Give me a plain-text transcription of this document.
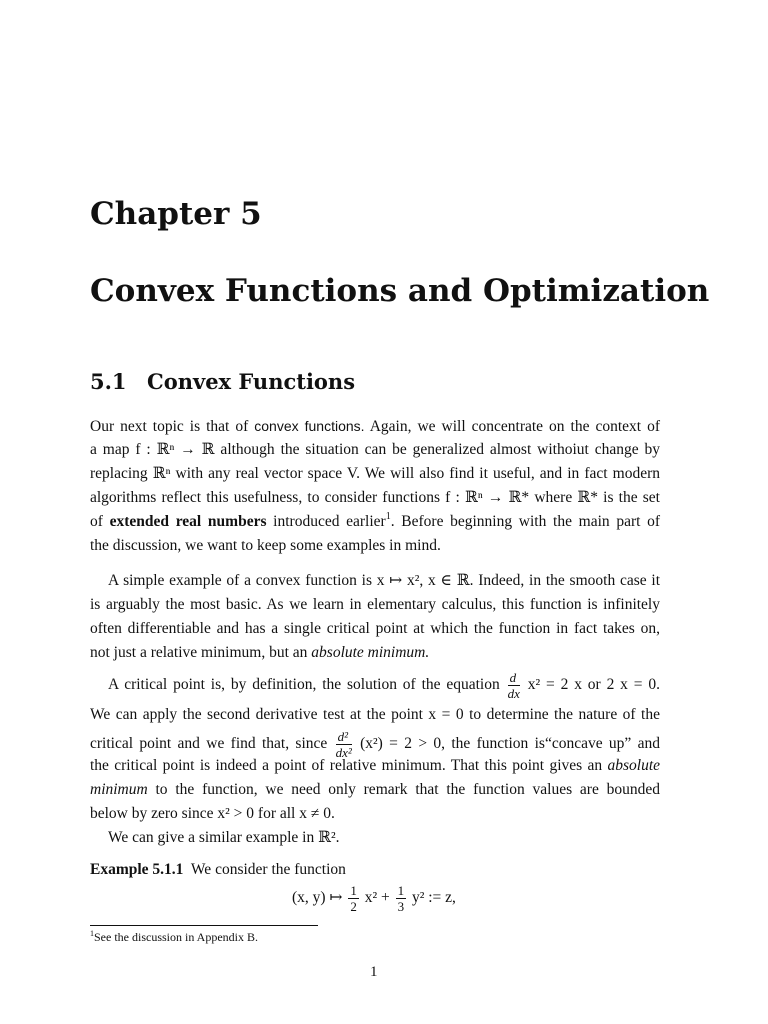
Chapter 5
Convex Functions and Optimization
5.1 Convex Functions
Our next topic is that of convex functions. Again, we will concentrate on the context of
a map f : ℝⁿ → ℝ although the situation can be generalized almost withoiut change by
replacing ℝⁿ with any real vector space V. We will also find it useful, and in fact modern
algorithms reflect this usefulness, to consider functions f : ℝⁿ → ℝ* where ℝ* is the set
of extended real numbers introduced earlier$^1$. Before beginning with the main part of
the discussion, we want to keep some examples in mind.
A simple example of a convex function is x ↦ x², x ∈ ℝ. Indeed, in the smooth case it
is arguably the most basic. As we learn in elementary calculus, this function is infinitely
often differentiable and has a single critical point at which the function in fact takes on,
not just a relative minimum, but an absolute minimum.
A critical point is, by definition, the solution of the equation $\frac{d}{dx} x^2 = 2$ x or 2 x = 0.
We can apply the second derivative test at the point x = 0 to determine the nature of the
critical point and we find that, since $\frac{\text{d²}}{\text{dx²}} (x^2) = 2 > 0$, the function is“concave up” and
the critical point is indeed a point of relative minimum. That this point gives an absolute
minimum to the function, we need only remark that the function values are bounded
below by zero since x² > 0 for all x ≠ 0.
We can give a similar example in ℝ².
Example 5.1.1 We consider the function
(x, y) ↦ $\frac{1}{2} x^2 + \frac{1}{3} y^2$ := z,
$^1$See the discussion in Appendix B.
1
